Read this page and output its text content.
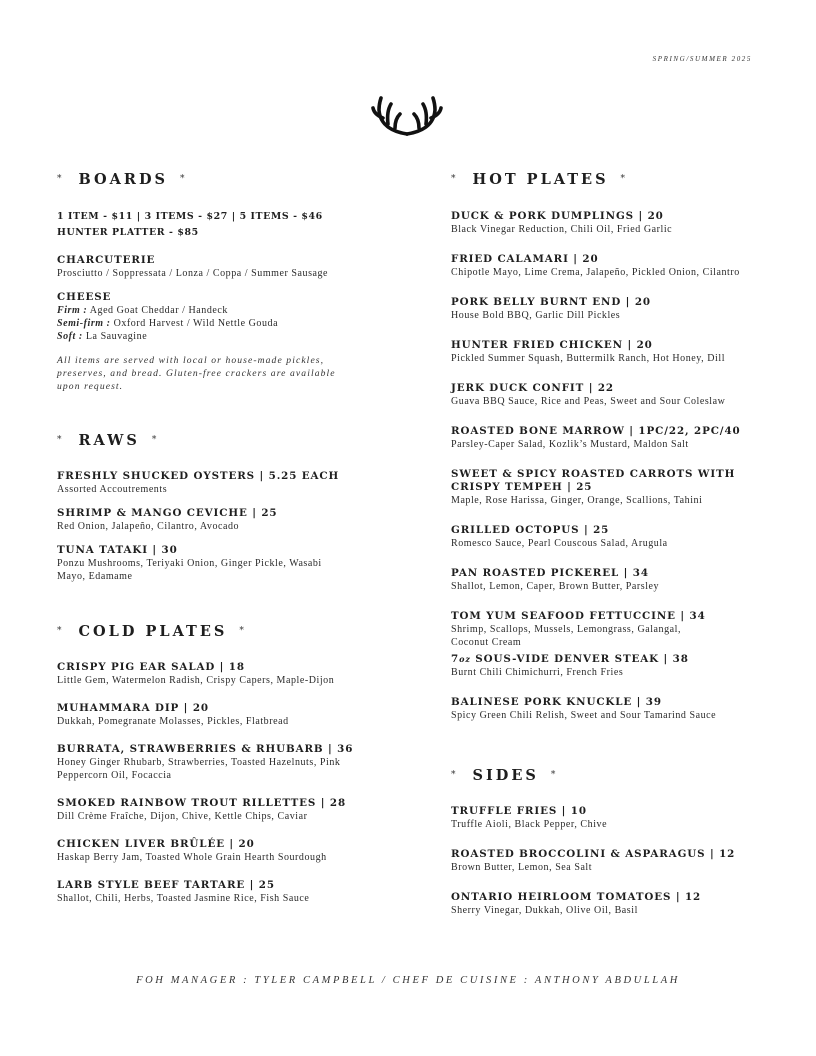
SPRING/SUMMER 2025
* BOARDS *
1 ITEM - $11 | 3 ITEMS - $27 | 5 ITEMS - $46
HUNTER PLATTER - $85
CHARCUTERIE
Prosciutto / Soppressata / Lonza / Coppa / Summer Sausage
CHEESE
Firm : Aged Goat Cheddar / Handeck
Semi-firm : Oxford Harvest / Wild Nettle Gouda
Soft : La Sauvagine
All items are served with local or house-made pickles, preserves, and bread. Gluten-free crackers are available upon request.
* RAWS *
FRESHLY SHUCKED OYSTERS | 5.25 EACH
Assorted Accoutrements
SHRIMP & MANGO CEVICHE | 25
Red Onion, Jalapeño, Cilantro, Avocado
TUNA TATAKI | 30
Ponzu Mushrooms, Teriyaki Onion, Ginger Pickle, Wasabi Mayo, Edamame
* COLD PLATES *
CRISPY PIG EAR SALAD | 18
Little Gem, Watermelon Radish, Crispy Capers, Maple-Dijon
MUHAMMARA DIP | 20
Dukkah, Pomegranate Molasses, Pickles, Flatbread
BURRATA, STRAWBERRIES & RHUBARB | 36
Honey Ginger Rhubarb, Strawberries, Toasted Hazelnuts, Pink Peppercorn Oil, Focaccia
SMOKED RAINBOW TROUT RILLETTES | 28
Dill Crème Fraîche, Dijon, Chive, Kettle Chips, Caviar
CHICKEN LIVER BRÛLÉE | 20
Haskap Berry Jam, Toasted Whole Grain Hearth Sourdough
LARB STYLE BEEF TARTARE | 25
Shallot, Chili, Herbs, Toasted Jasmine Rice, Fish Sauce
* HOT PLATES *
DUCK & PORK DUMPLINGS | 20
Black Vinegar Reduction, Chili Oil, Fried Garlic
FRIED CALAMARI | 20
Chipotle Mayo, Lime Crema, Jalapeño, Pickled Onion, Cilantro
PORK BELLY BURNT END | 20
House Bold BBQ, Garlic Dill Pickles
HUNTER FRIED CHICKEN | 20
Pickled Summer Squash, Buttermilk Ranch, Hot Honey, Dill
JERK DUCK CONFIT | 22
Guava BBQ Sauce, Rice and Peas, Sweet and Sour Coleslaw
ROASTED BONE MARROW | 1PC/22, 2PC/40
Parsley-Caper Salad, Kozlik’s Mustard, Maldon Salt
SWEET & SPICY ROASTED CARROTS WITH CRISPY TEMPEH | 25
Maple, Rose Harissa, Ginger, Orange, Scallions, Tahini
GRILLED OCTOPUS | 25
Romesco Sauce, Pearl Couscous Salad, Arugula
PAN ROASTED PICKEREL | 34
Shallot, Lemon, Caper, Brown Butter, Parsley
TOM YUM SEAFOOD FETTUCCINE | 34
Shrimp, Scallops, Mussels, Lemongrass, Galangal, Coconut Cream
7oz SOUS-VIDE DENVER STEAK | 38
Burnt Chili Chimichurri, French Fries
BALINESE PORK KNUCKLE | 39
Spicy Green Chili Relish, Sweet and Sour Tamarind Sauce
* SIDES *
TRUFFLE FRIES | 10
Truffle Aioli, Black Pepper, Chive
ROASTED BROCCOLINI & ASPARAGUS | 12
Brown Butter, Lemon, Sea Salt
ONTARIO HEIRLOOM TOMATOES | 12
Sherry Vinegar, Dukkah, Olive Oil, Basil
FOH MANAGER : TYLER CAMPBELL / CHEF DE CUISINE : ANTHONY ABDULLAH
